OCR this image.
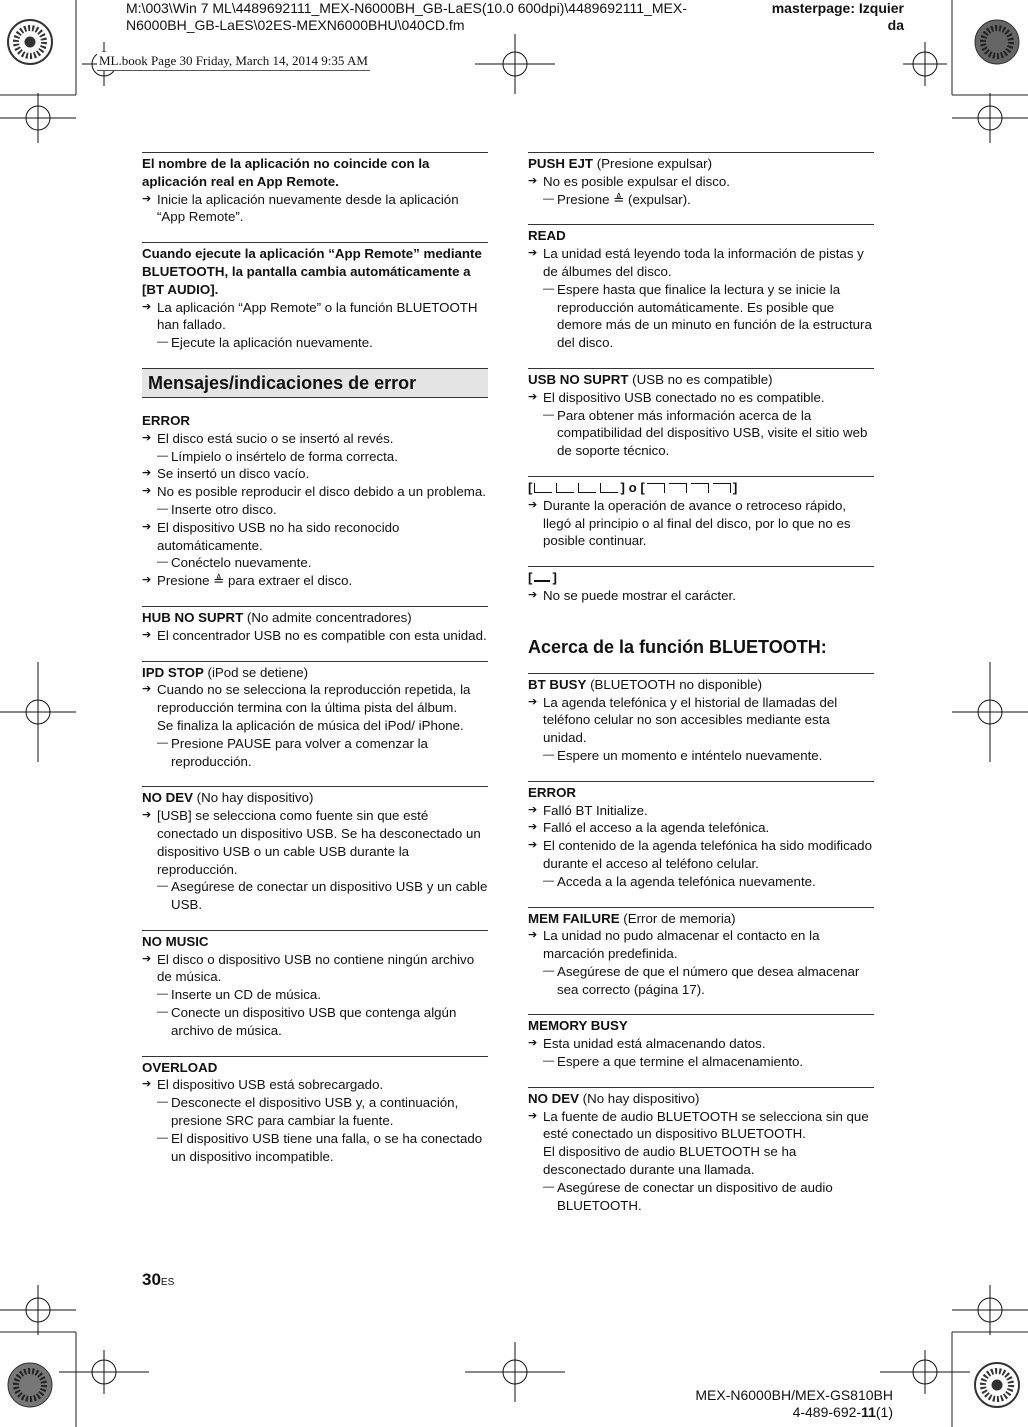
M:\003\Win 7 ML\4489692111_MEX-N6000BH_GB-LaES(10.0 600dpi)\4489692111_MEX-
N6000BH_GB-LaES\02ES-MEXN6000BHU\040CD.fm
masterpage: Izquier
da
ML.book Page 30 Friday, March 14, 2014 9:35 AM
El nombre de la aplicación no coincide con la aplicación real en App Remote.
➔ Inicie la aplicación nuevamente desde la aplicación “App Remote”.
Cuando ejecute la aplicación “App Remote” mediante BLUETOOTH, la pantalla cambia automáticamente a [BT AUDIO].
➔ La aplicación “App Remote” o la función BLUETOOTH han fallado.
— Ejecute la aplicación nuevamente.
Mensajes/indicaciones de error
ERROR
➔ El disco está sucio o se insertó al revés.
— Límpielo o insértelo de forma correcta.
➔ Se insertó un disco vacío.
➔ No es posible reproducir el disco debido a un problema.
— Inserte otro disco.
➔ El dispositivo USB no ha sido reconocido automáticamente.
— Conéctelo nuevamente.
➔ Presione ≜ para extraer el disco.
HUB NO SUPRT (No admite concentradores)
➔ El concentrador USB no es compatible con esta unidad.
IPD STOP (iPod se detiene)
➔ Cuando no se selecciona la reproducción repetida, la reproducción termina con la última pista del álbum.
Se finaliza la aplicación de música del iPod/ iPhone.
— Presione PAUSE para volver a comenzar la reproducción.
NO DEV (No hay dispositivo)
➔ [USB] se selecciona como fuente sin que esté conectado un dispositivo USB. Se ha desconectado un dispositivo USB o un cable USB durante la reproducción.
— Asegúrese de conectar un dispositivo USB y un cable USB.
NO MUSIC
➔ El disco o dispositivo USB no contiene ningún archivo de música.
— Inserte un CD de música.
— Conecte un dispositivo USB que contenga algún archivo de música.
OVERLOAD
➔ El dispositivo USB está sobrecargado.
— Desconecte el dispositivo USB y, a continuación, presione SRC para cambiar la fuente.
— El dispositivo USB tiene una falla, o se ha conectado un dispositivo incompatible.
PUSH EJT (Presione expulsar)
➔ No es posible expulsar el disco.
— Presione ≜ (expulsar).
READ
➔ La unidad está leyendo toda la información de pistas y de álbumes del disco.
— Espere hasta que finalice la lectura y se inicie la reproducción automáticamente. Es posible que demore más de un minuto en función de la estructura del disco.
USB NO SUPRT (USB no es compatible)
➔ El dispositivo USB conectado no es compatible.
— Para obtener más información acerca de la compatibilidad del dispositivo USB, visite el sitio web de soporte técnico.
[	] o [	]
➔ Durante la operación de avance o retroceso rápido, llegó al principio o al final del disco, por lo que no es posible continuar.
[ ]
➔ No se puede mostrar el carácter.
Acerca de la función BLUETOOTH:
BT BUSY (BLUETOOTH no disponible)
➔ La agenda telefónica y el historial de llamadas del teléfono celular no son accesibles mediante esta unidad.
— Espere un momento e inténtelo nuevamente.
ERROR
➔ Falló BT Initialize.
➔ Falló el acceso a la agenda telefónica.
➔ El contenido de la agenda telefónica ha sido modificado durante el acceso al teléfono celular.
— Acceda a la agenda telefónica nuevamente.
MEM FAILURE (Error de memoria)
➔ La unidad no pudo almacenar el contacto en la marcación predefinida.
— Asegúrese de que el número que desea almacenar sea correcto (página 17).
MEMORY BUSY
➔ Esta unidad está almacenando datos.
— Espere a que termine el almacenamiento.
NO DEV (No hay dispositivo)
➔ La fuente de audio BLUETOOTH se selecciona sin que esté conectado un dispositivo BLUETOOTH.
El dispositivo de audio BLUETOOTH se ha desconectado durante una llamada.
— Asegúrese de conectar un dispositivo de audio BLUETOOTH.
30ES
MEX-N6000BH/MEX-GS810BH
4-489-692-11(1)
